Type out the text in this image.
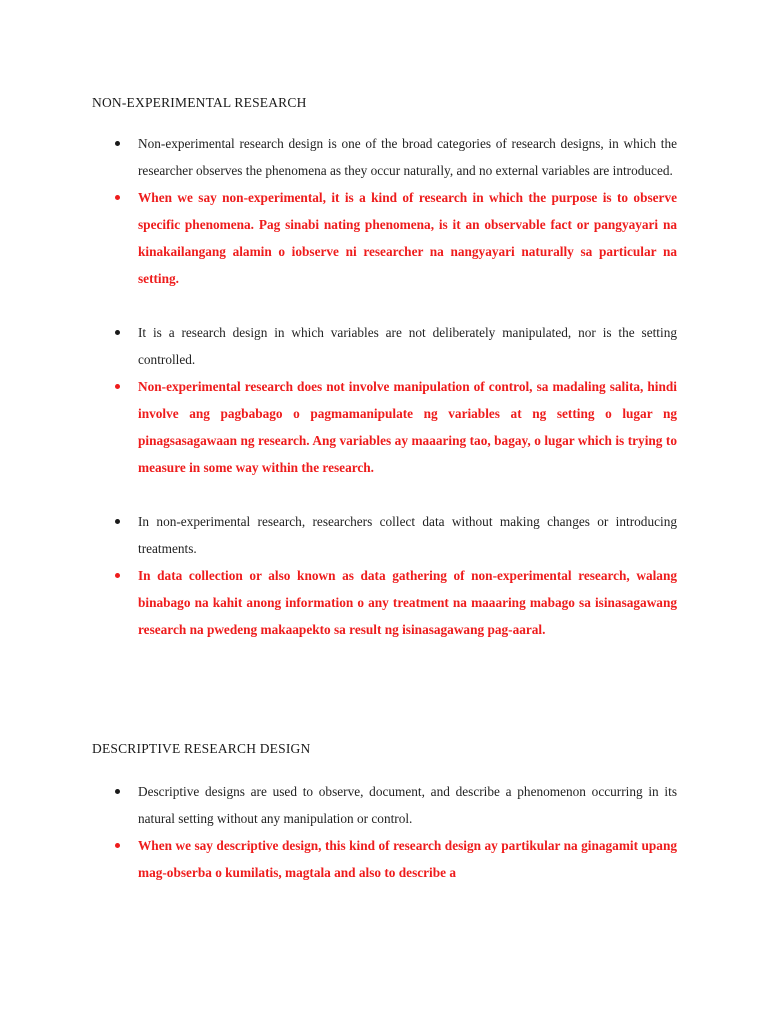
NON-EXPERIMENTAL RESEARCH
Non-experimental research design is one of the broad categories of research designs, in which the researcher observes the phenomena as they occur naturally, and no external variables are introduced.
When we say non-experimental, it is a kind of research in which the purpose is to observe specific phenomena. Pag sinabi nating phenomena, is it an observable fact or pangyayari na kinakailangang alamin o iobserve ni researcher na nangyayari naturally sa particular na setting.
It is a research design in which variables are not deliberately manipulated, nor is the setting controlled.
Non-experimental research does not involve manipulation of control, sa madaling salita, hindi involve ang pagbabago o pagmamanipulate ng variables at ng setting o lugar ng pinagsasagawaan ng research. Ang variables ay maaaring tao, bagay, o lugar which is trying to measure in some way within the research.
In non-experimental research, researchers collect data without making changes or introducing treatments.
In data collection or also known as data gathering of non-experimental research, walang binabago na kahit anong information o any treatment na maaaring mabago sa isinasagawang research na pwedeng makaapekto sa result ng isinasagawang pag-aaral.
DESCRIPTIVE RESEARCH DESIGN
Descriptive designs are used to observe, document, and describe a phenomenon occurring in its natural setting without any manipulation or control.
When we say descriptive design, this kind of research design ay partikular na ginagamit upang mag-obserba o kumilatis, magtala and also to describe a
